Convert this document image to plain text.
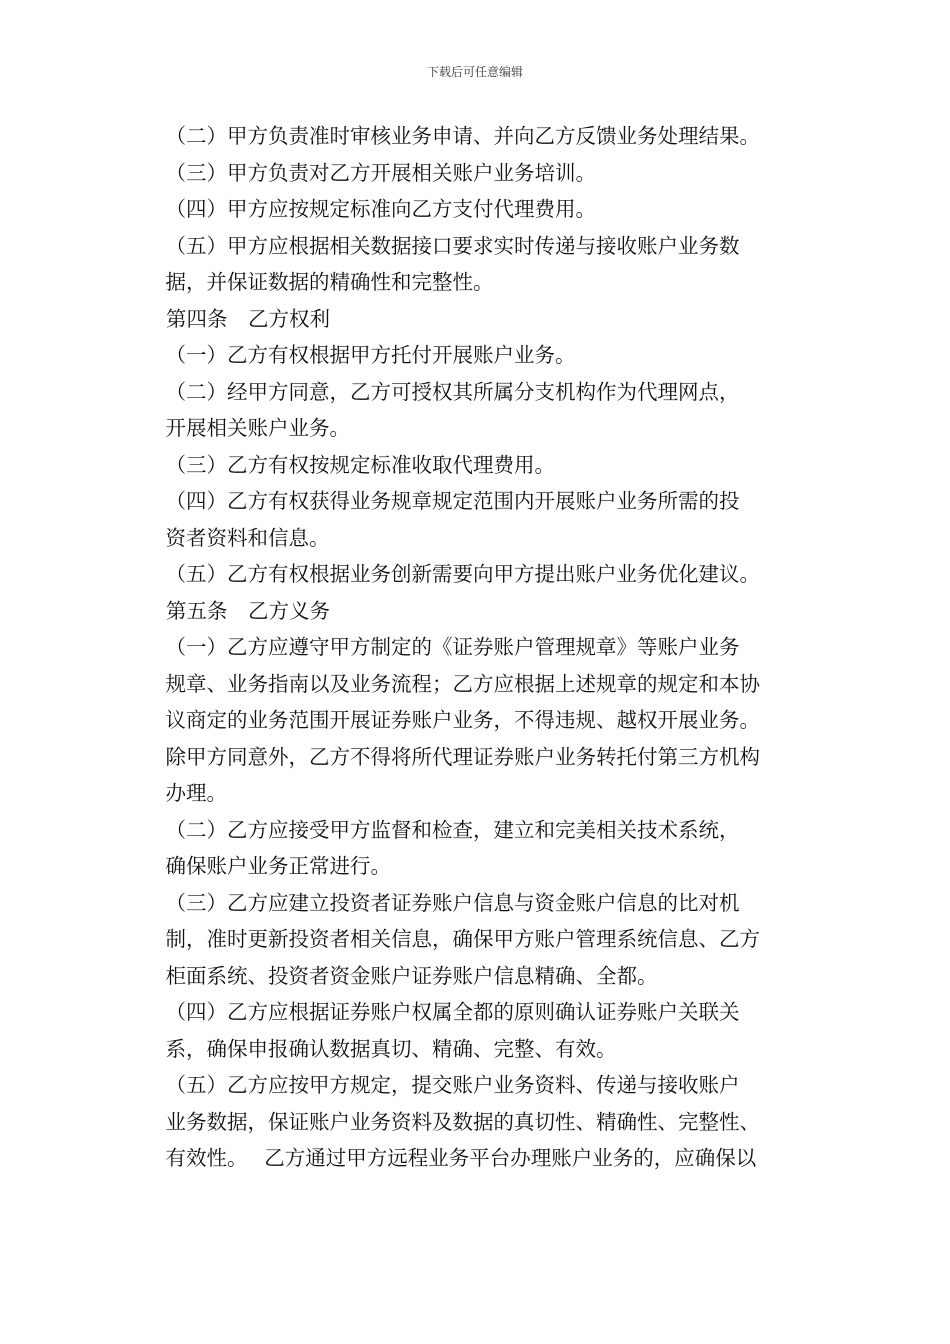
下载后可任意编辑

（二）甲方负责准时审核业务申请、并向乙方反馈业务处理结果。

（三）甲方负责对乙方开展相关账户业务培训。

（四）甲方应按规定标准向乙方支付代理费用。

（五）甲方应根据相关数据接口要求实时传递与接收账户业务数
据，并保证数据的精确性和完整性。

第四条　乙方权利

（一）乙方有权根据甲方托付开展账户业务。

（二）经甲方同意，乙方可授权其所属分支机构作为代理网点，
开展相关账户业务。

（三）乙方有权按规定标准收取代理费用。

（四）乙方有权获得业务规章规定范围内开展账户业务所需的投
资者资料和信息。

（五）乙方有权根据业务创新需要向甲方提出账户业务优化建议。

第五条　乙方义务

（一）乙方应遵守甲方制定的《证券账户管理规章》等账户业务
规章、业务指南以及业务流程；乙方应根据上述规章的规定和本协
议商定的业务范围开展证券账户业务，不得违规、越权开展业务。
除甲方同意外，乙方不得将所代理证券账户业务转托付第三方机构
办理。

（二）乙方应接受甲方监督和检查，建立和完美相关技术系统，
确保账户业务正常进行。

（三）乙方应建立投资者证券账户信息与资金账户信息的比对机
制，准时更新投资者相关信息，确保甲方账户管理系统信息、乙方
柜面系统、投资者资金账户证券账户信息精确、全都。

（四）乙方应根据证券账户权属全都的原则确认证券账户关联关
系，确保申报确认数据真切、精确、完整、有效。

（五）乙方应按甲方规定，提交账户业务资料、传递与接收账户
业务数据，保证账户业务资料及数据的真切性、精确性、完整性、
有效性。　 乙方通过甲方远程业务平台办理账户业务的，应确保以
